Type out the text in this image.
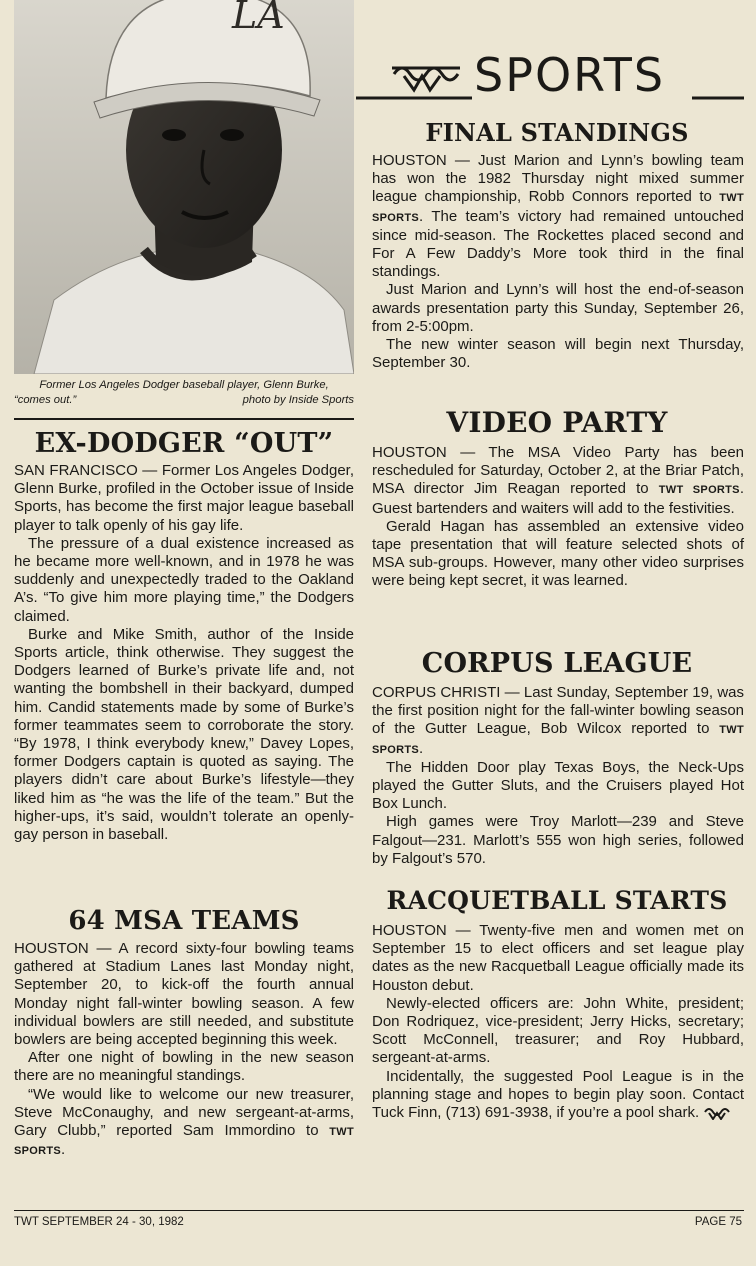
LA
Former Los Angeles Dodger baseball player, Glenn Burke,
“comes out.”	photo by Inside Sports
EX-DODGER “OUT”

SAN FRANCISCO — Former Los Angeles Dodger, Glenn Burke, profiled in the October issue of Inside Sports, has become the first major league baseball player to talk openly of his gay life.

The pressure of a dual existence increased as he became more well-known, and in 1978 he was suddenly and unexpectedly traded to the Oakland A’s. “To give him more playing time,” the Dodgers claimed.

Burke and Mike Smith, author of the Inside Sports article, think otherwise. They suggest the Dodgers learned of Burke’s private life and, not wanting the bombshell in their backyard, dumped him. Candid statements made by some of Burke’s former teammates seem to corroborate the story. “By 1978, I think everybody knew,” Davey Lopes, former Dodgers captain is quoted as saying. The players didn’t care about Burke’s lifestyle—they liked him as “he was the life of the team.” But the higher-ups, it’s said, wouldn’t tolerate an openly-gay person in baseball.

64 MSA TEAMS

HOUSTON — A record sixty-four bowling teams gathered at Stadium Lanes last Monday night, September 20, to kick-off the fourth annual Monday night fall-winter bowling season. A few individual bowlers are still needed, and substitute bowlers are being accepted beginning this week.

After one night of bowling in the new season there are no meaningful standings.

“We would like to welcome our new treasurer, Steve McConaughy, and new sergeant-at-arms, Gary Clubb,” reported Sam Immordino to TWT SPORTS.

SPORTS
FINAL STANDINGS

HOUSTON — Just Marion and Lynn’s bowling team has won the 1982 Thursday night mixed summer league championship, Robb Connors reported to TWT SPORTS. The team’s victory had remained untouched since mid-season. The Rockettes placed second and For A Few Daddy’s More took third in the final standings.

Just Marion and Lynn’s will host the end-of-season awards presentation party this Sunday, September 26, from 2-5:00pm.

The new winter season will begin next Thursday, September 30.

VIDEO PARTY

HOUSTON — The MSA Video Party has been rescheduled for Saturday, October 2, at the Briar Patch, MSA director Jim Reagan reported to TWT SPORTS. Guest bartenders and waiters will add to the festivities.

Gerald Hagan has assembled an extensive video tape presentation that will feature selected shots of MSA sub-groups. However, many other video surprises were being kept secret, it was learned.

CORPUS LEAGUE

CORPUS CHRISTI — Last Sunday, September 19, was the first position night for the fall-winter bowling season of the Gutter League, Bob Wilcox reported to TWT SPORTS.

The Hidden Door play Texas Boys, the Neck-Ups played the Gutter Sluts, and the Cruisers played Hot Box Lunch.

High games were Troy Marlott—239 and Steve Falgout—231. Marlott’s 555 won high series, followed by Falgout’s 570.

RACQUETBALL STARTS

HOUSTON — Twenty-five men and women met on September 15 to elect officers and set league play dates as the new Racquetball League officially made its Houston debut.

Newly-elected officers are: John White, president; Don Rodriquez, vice-president; Jerry Hicks, secretary; Scott McConnell, treasurer; and Roy Hubbard, sergeant-at-arms.

Incidentally, the suggested Pool League is in the planning stage and hopes to begin play soon. Contact Tuck Finn, (713) 691-3938, if you’re a pool shark.

TWT SEPTEMBER 24 - 30, 1982	PAGE 75
